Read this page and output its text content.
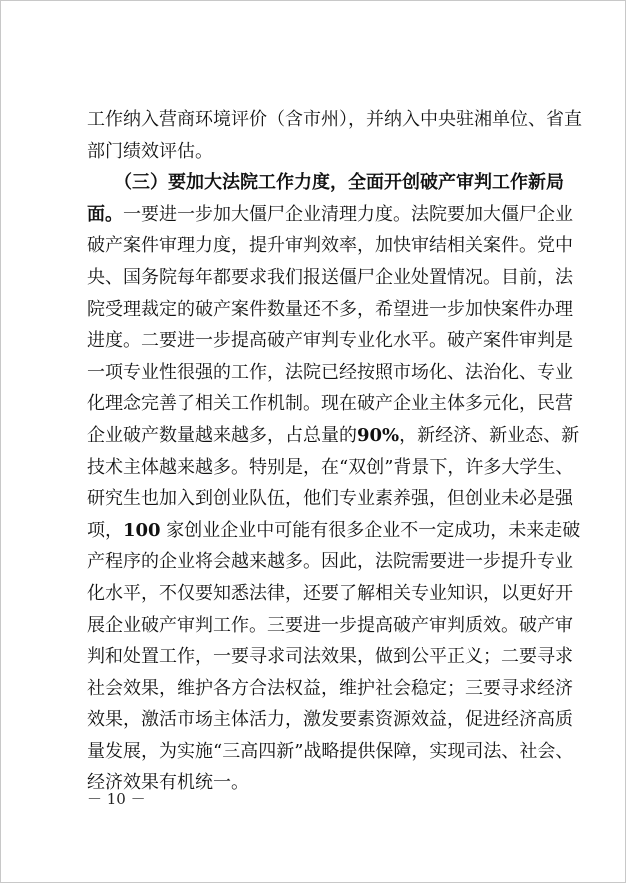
工作纳入营商环境评价（含市州），并纳入中央驻湘单位、省直
部门绩效评估。
　　（三）要加大法院工作力度，全面开创破产审判工作新局
面。一要进一步加大僵尸企业清理力度。法院要加大僵尸企业
破产案件审理力度，提升审判效率，加快审结相关案件。党中
央、国务院每年都要求我们报送僵尸企业处置情况。目前，法
院受理裁定的破产案件数量还不多，希望进一步加快案件办理
进度。二要进一步提高破产审判专业化水平。破产案件审判是
一项专业性很强的工作，法院已经按照市场化、法治化、专业
化理念完善了相关工作机制。现在破产企业主体多元化，民营
企业破产数量越来越多，占总量的90%，新经济、新业态、新
技术主体越来越多。特别是，在“双创”背景下，许多大学生、
研究生也加入到创业队伍，他们专业素养强，但创业未必是强
项，100 家创业企业中可能有很多企业不一定成功，未来走破
产程序的企业将会越来越多。因此，法院需要进一步提升专业
化水平，不仅要知悉法律，还要了解相关专业知识，以更好开
展企业破产审判工作。三要进一步提高破产审判质效。破产审
判和处置工作，一要寻求司法效果，做到公平正义；二要寻求
社会效果，维护各方合法权益，维护社会稳定；三要寻求经济
效果，激活市场主体活力，激发要素资源效益，促进经济高质
量发展，为实施“三高四新”战略提供保障，实现司法、社会、
经济效果有机统一。
－ 10 －
